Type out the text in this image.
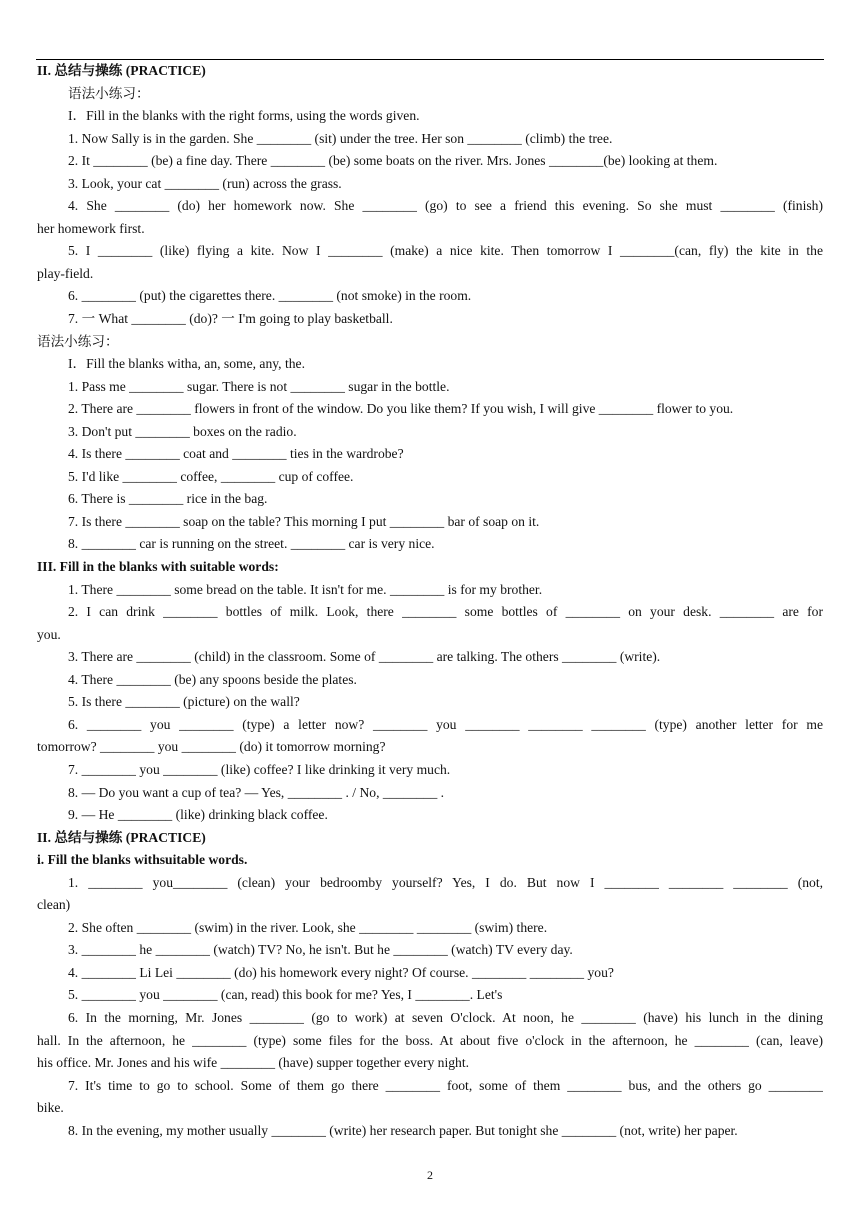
II. 总结与操练 (PRACTICE)
语法小练习：
I．Fill in the blanks with the right forms, using the words given.
1. Now Sally is in the garden. She ________ (sit) under the tree. Her son ________ (climb) the tree.
2. It ________ (be) a fine day. There ________ (be) some boats on the river. Mrs. Jones ________(be) looking at them.
3. Look, your cat ________ (run) across the grass.
4. She ________ (do) her homework now. She ________ (go) to see a friend this evening. So she must ________ (finish)
her homework first.
5. I ________ (like) flying a kite. Now I ________ (make) a nice kite. Then tomorrow I ________(can, fly) the kite in the
play-field.
6. ________ (put) the cigarettes there. ________ (not smoke) in the room.
7. 一 What ________ (do)? 一 I'm going to play basketball.
语法小练习：
I．Fill the blanks witha, an, some, any, the.
1. Pass me ________ sugar. There is not ________ sugar in the bottle.
2. There are ________ flowers in front of the window. Do you like them? If you wish, I will give ________ flower to you.
3. Don't put ________ boxes on the radio.
4. Is there ________ coat and ________ ties in the wardrobe?
5. I'd like ________ coffee, ________ cup of coffee.
6. There is ________ rice in the bag.
7. Is there ________ soap on the table? This morning I put ________ bar of soap on it.
8. ________ car is running on the street. ________ car is very nice.
III. Fill in the blanks with suitable words:
1. There ________ some bread on the table. It isn't for me. ________ is for my brother.
2. I can drink ________ bottles of milk. Look, there ________ some bottles of ________ on your desk. ________ are for
you.
3. There are ________ (child) in the classroom. Some of ________ are talking. The others ________ (write).
4. There ________ (be) any spoons beside the plates.
5. Is there ________ (picture) on the wall?
6. ________ you ________ (type) a letter now? ________ you ________ ________ ________ (type) another letter for me
tomorrow? ________ you ________ (do) it tomorrow morning?
7. ________ you ________ (like) coffee? I like drinking it very much.
8. — Do you want a cup of tea? — Yes, ________ . / No, ________ .
9. — He ________ (like) drinking black coffee.
II. 总结与操练 (PRACTICE)
i. Fill the blanks withsuitable words.
1. ________ you________ (clean) your bedroomby yourself? Yes, I do. But now I ________ ________ ________ (not,
clean)
2. She often ________ (swim) in the river. Look, she ________ ________ (swim) there.
3. ________ he ________ (watch) TV? No, he isn't. But he ________ (watch) TV every day.
4. ________ Li Lei ________ (do) his homework every night? Of course. ________ ________ you?
5. ________ you ________ (can, read) this book for me? Yes, I ________. Let's
6. In the morning, Mr. Jones ________ (go to work) at seven O'clock. At noon, he ________ (have) his lunch in the dining
hall. In the afternoon, he ________ (type) some files for the boss. At about five o'clock in the afternoon, he ________ (can, leave)
his office. Mr. Jones and his wife ________ (have) supper together every night.
7. It's time to go to school. Some of them go there ________ foot, some of them ________ bus, and the others go ________
bike.
8. In the evening, my mother usually ________ (write) her research paper. But tonight she ________ (not, write) her paper.
2
